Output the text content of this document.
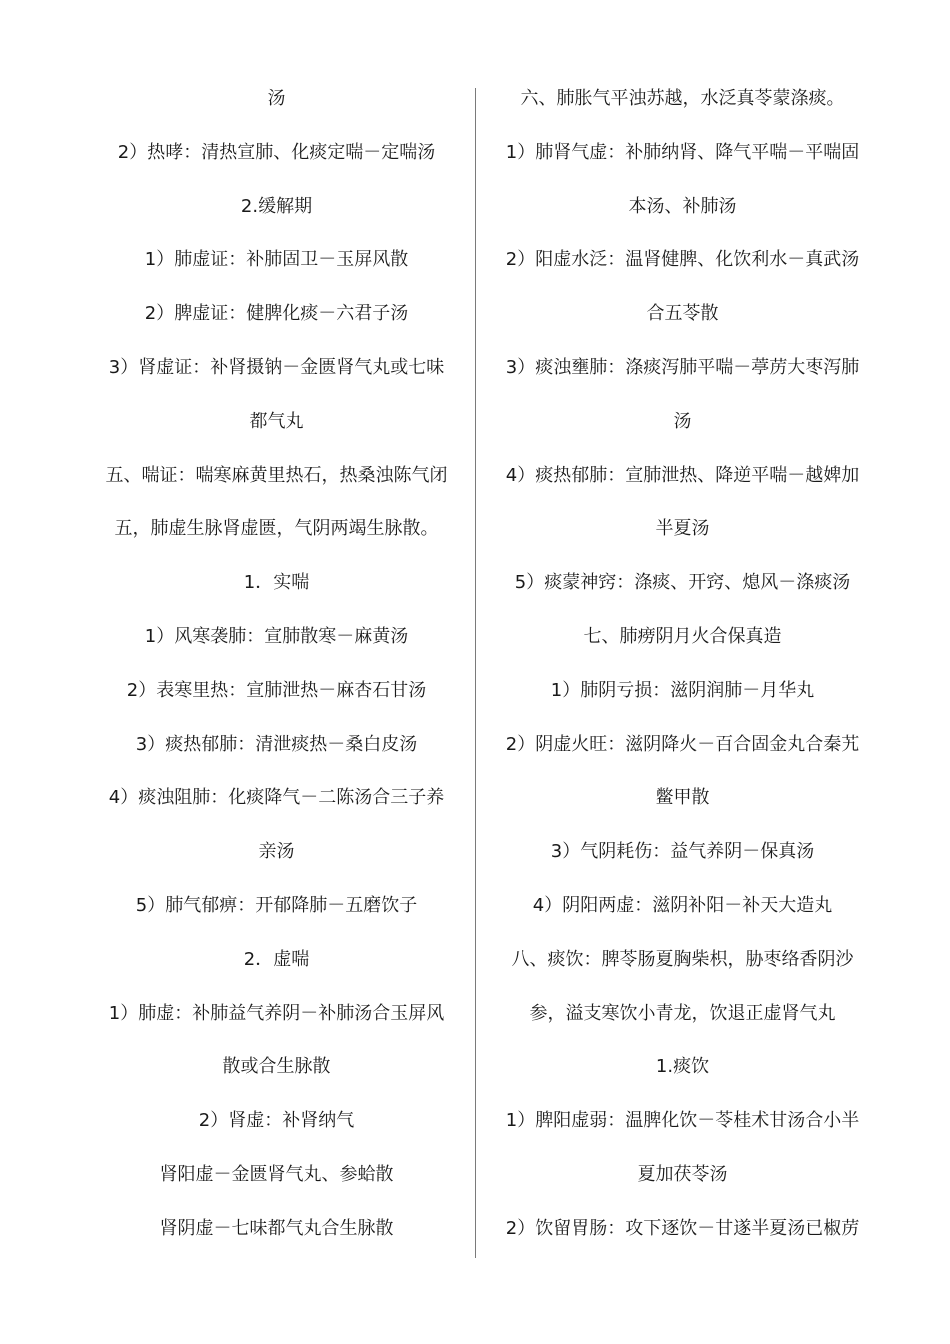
汤
2）热哮：清热宣肺、化痰定喘－定喘汤
2.缓解期
1）肺虚证：补肺固卫－玉屏风散
2）脾虚证：健脾化痰－六君子汤
3）肾虚证：补肾摄钠－金匮肾气丸或七味
都气丸
五、喘证：喘寒麻黄里热石，热桑浊陈气闭
五，肺虚生脉肾虚匮，气阴两竭生脉散。
1．实喘
1）风寒袭肺：宣肺散寒－麻黄汤
2）表寒里热：宣肺泄热－麻杏石甘汤
3）痰热郁肺：清泄痰热－桑白皮汤
4）痰浊阻肺：化痰降气－二陈汤合三子养
亲汤
5）肺气郁痹：开郁降肺－五磨饮子
2．虚喘
1）肺虚：补肺益气养阴－补肺汤合玉屏风
散或合生脉散
2）肾虚：补肾纳气
肾阳虚－金匮肾气丸、参蛤散
肾阴虚－七味都气丸合生脉散
六、肺胀气平浊苏越，水泛真苓蒙涤痰。
1）肺肾气虚：补肺纳肾、降气平喘－平喘固
本汤、补肺汤
2）阳虚水泛：温肾健脾、化饮利水－真武汤
合五苓散
3）痰浊壅肺：涤痰泻肺平喘－葶苈大枣泻肺
汤
4）痰热郁肺：宣肺泄热、降逆平喘－越婢加
半夏汤
5）痰蒙神窍：涤痰、开窍、熄风－涤痰汤
七、肺痨阴月火合保真造
1）肺阴亏损：滋阴润肺－月华丸
2）阴虚火旺：滋阴降火－百合固金丸合秦艽
鳖甲散
3）气阴耗伤：益气养阴－保真汤
4）阴阳两虚：滋阴补阳－补天大造丸
八、痰饮：脾苓肠夏胸柴枳，胁枣络香阴沙
参，溢支寒饮小青龙，饮退正虚肾气丸
1.痰饮
1）脾阳虚弱：温脾化饮－苓桂术甘汤合小半
夏加茯苓汤
2）饮留胃肠：攻下逐饮－甘遂半夏汤已椒苈
